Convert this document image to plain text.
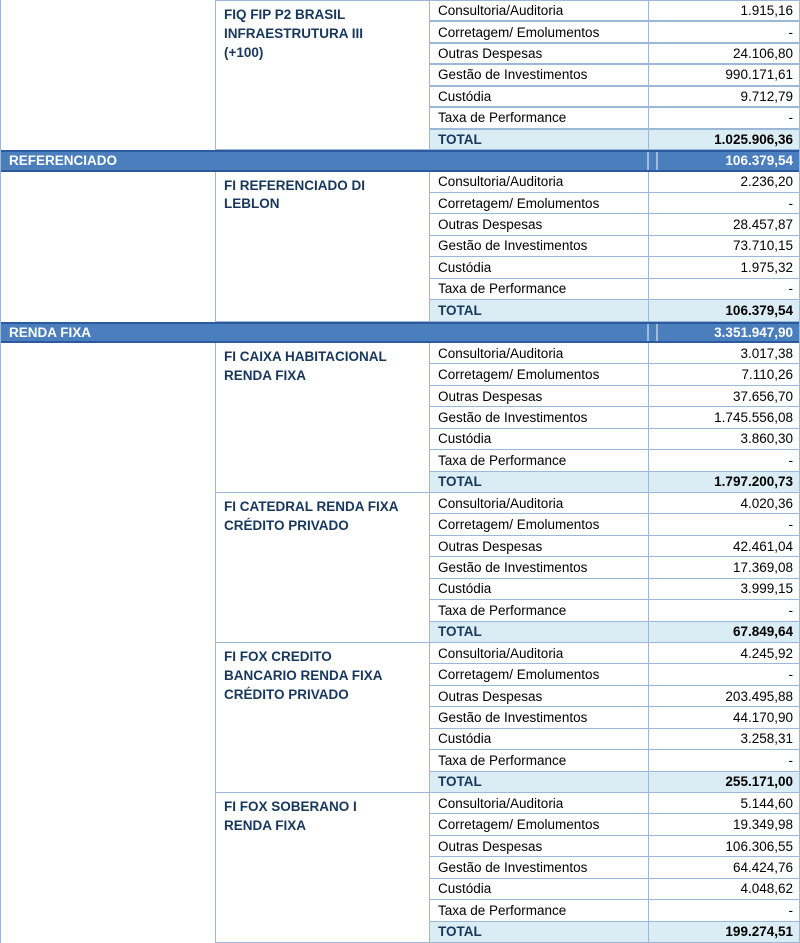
FIQ FIP P2 BRASIL INFRAESTRUTURA III (+100)
Consultoria/Auditoria	1.915,16
Corretagem/ Emolumentos	-
Outras Despesas	24.106,80
Gestão de Investimentos	990.171,61
Custódia	9.712,79
Taxa de Performance	-
TOTAL	1.025.906,36
REFERENCIADO	106.379,54
FI REFERENCIADO DI LEBLON
Consultoria/Auditoria	2.236,20
Corretagem/ Emolumentos	-
Outras Despesas	28.457,87
Gestão de Investimentos	73.710,15
Custódia	1.975,32
Taxa de Performance	-
TOTAL	106.379,54
RENDA FIXA	3.351.947,90
FI CAIXA HABITACIONAL RENDA FIXA
Consultoria/Auditoria	3.017,38
Corretagem/ Emolumentos	7.110,26
Outras Despesas	37.656,70
Gestão de Investimentos	1.745.556,08
Custódia	3.860,30
Taxa de Performance	-
TOTAL	1.797.200,73
FI CATEDRAL RENDA FIXA CRÉDITO PRIVADO
Consultoria/Auditoria	4.020,36
Corretagem/ Emolumentos	-
Outras Despesas	42.461,04
Gestão de Investimentos	17.369,08
Custódia	3.999,15
Taxa de Performance	-
TOTAL	67.849,64
FI FOX CREDITO BANCARIO RENDA FIXA CRÉDITO PRIVADO
Consultoria/Auditoria	4.245,92
Corretagem/ Emolumentos	-
Outras Despesas	203.495,88
Gestão de Investimentos	44.170,90
Custódia	3.258,31
Taxa de Performance	-
TOTAL	255.171,00
FI FOX SOBERANO I RENDA FIXA
Consultoria/Auditoria	5.144,60
Corretagem/ Emolumentos	19.349,98
Outras Despesas	106.306,55
Gestão de Investimentos	64.424,76
Custódia	4.048,62
Taxa de Performance	-
TOTAL	199.274,51
